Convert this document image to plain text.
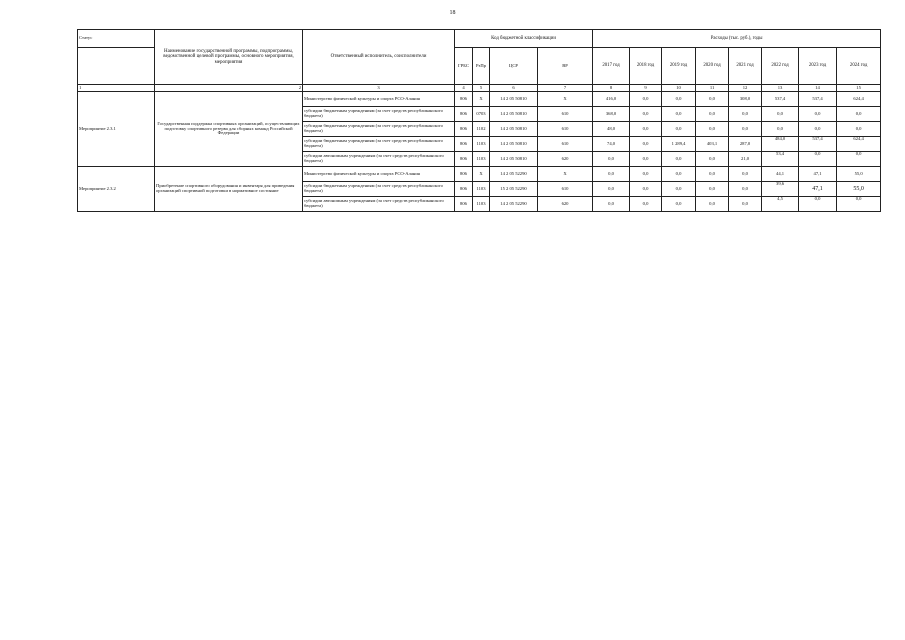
18
Статус	Наименование государственной программы, подпрограммы, ведомственной целевой программы, основного мероприятия, мероприятия	Ответственный исполнитель, соисполнители	Код бюджетной классификации				Расходы (тыс. руб.), годы							
			ГРБС	РзПр	ЦСР	ВР	2017 год	2018 год	2019 год	2020 год	2021 год	2022 год	2023 год	2024 год
1	2	3	4	5	6	7	8	9	10	11	12	13	14	15
Мероприятие 2.3.1	Государственная поддержка спортивных организаций, осуществляющих подготовку спортивного резерва для сборных команд Российской Федерации	Министерство физической культуры и спорта РСО-Алания	806	Х	14 2 05 50810	Х	416,0	0,0	0,0	0,0	308,0	537,4	537,4	624,4
		субсидии бюджетным учреждениям (за счет средств республиканского бюджета)	806	0703	14 2 05 50810	610	368,0	0,0	0,0	0,0	0,0	0,0	0,0	0,0
		субсидии бюджетным учреждениям (за счет средств республиканского бюджета)	806	1102	14 2 05 50810	610	48,0	0,0	0,0	0,0	0,0	0,0	0,0	0,0
		субсидии бюджетным учреждениям (за счет средств республиканского бюджета)	806	1103	14 2 05 50810	610	74,0	0,0	1 289,4	403,1	287,0	484,0	537,4	624,4
		субсидии автономным учреждениям (за счет средств республиканского бюджета)	806	1103	14 2 05 50810	620	0,0	0,0	0,0	0,0	21,0	53,4	0,0	0,0
Мероприятие 2.3.2	Приобретение спортивного оборудования и инвентаря для приведения организаций спортивной подготовки в нормативное состояние	Министерство физической культуры и спорта РСО-Алания	806	Х	14 2 05 52290	Х	0,0	0,0	0,0	0,0	0,0	44,1	47,1	55,0
		субсидии бюджетным учреждениям (за счет средств республиканского бюджета)	806	1103	15 2 05 52290	610	0,0	0,0	0,0	0,0	0,0	39,6	47,1	55,0
		субсидии автономным учреждениям (за счет средств республиканского бюджета)	806	1103	14 2 05 52290	620	0,0	0,0	0,0	0,0	0,0	4,5	0,0	0,0
